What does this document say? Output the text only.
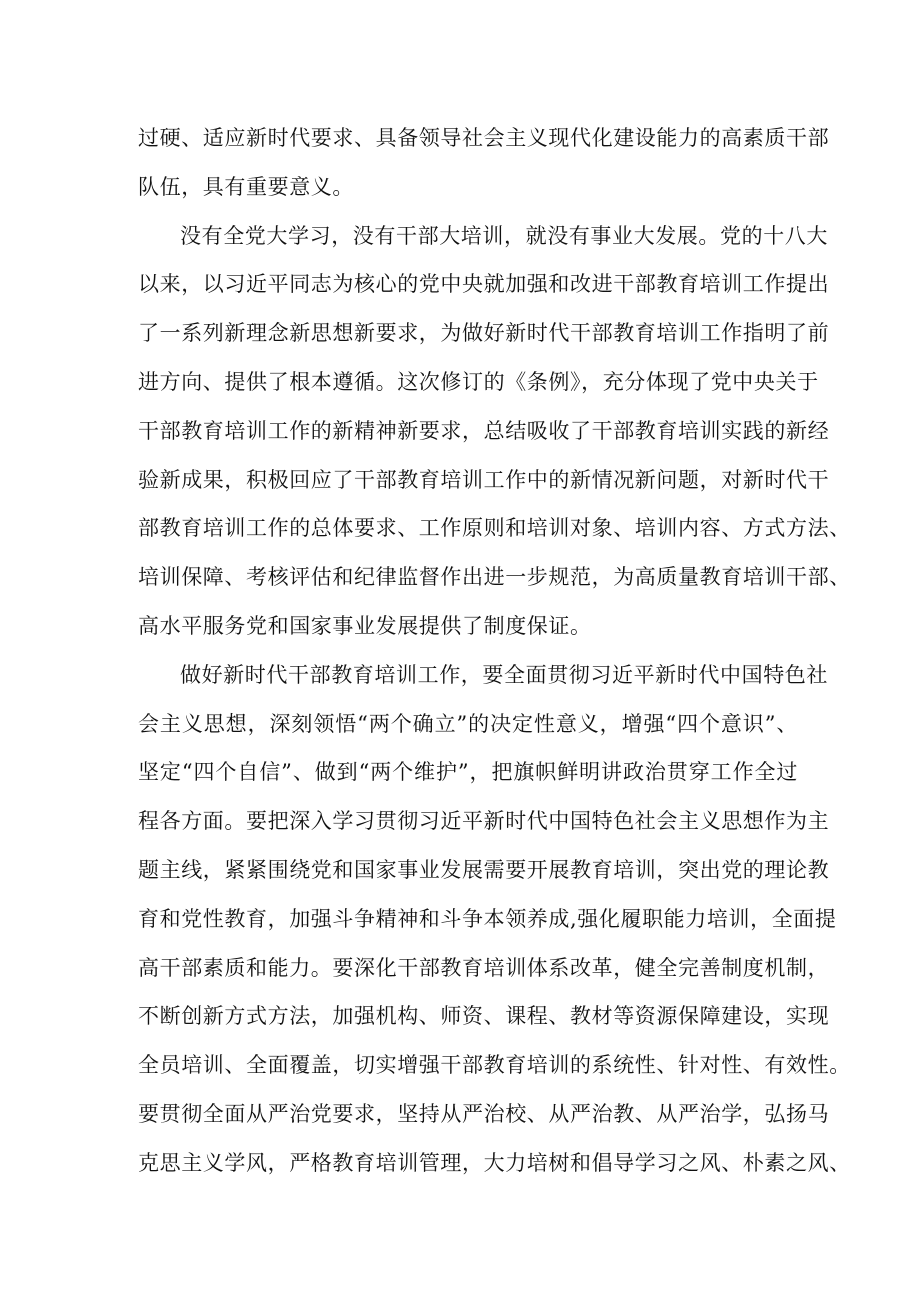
过硬、适应新时代要求、具备领导社会主义现代化建设能力的高素质干部
队伍，具有重要意义。
没有全党大学习，没有干部大培训，就没有事业大发展。党的十八大
以来，以习近平同志为核心的党中央就加强和改进干部教育培训工作提出
了一系列新理念新思想新要求，为做好新时代干部教育培训工作指明了前
进方向、提供了根本遵循。这次修订的《条例》，充分体现了党中央关于
干部教育培训工作的新精神新要求，总结吸收了干部教育培训实践的新经
验新成果，积极回应了干部教育培训工作中的新情况新问题，对新时代干
部教育培训工作的总体要求、工作原则和培训对象、培训内容、方式方法、
培训保障、考核评估和纪律监督作出进一步规范，为高质量教育培训干部、
高水平服务党和国家事业发展提供了制度保证。
做好新时代干部教育培训工作，要全面贯彻习近平新时代中国特色社
会主义思想，深刻领悟“两个确立”的决定性意义，增强“四个意识”、
坚定“四个自信”、做到“两个维护”，把旗帜鲜明讲政治贯穿工作全过
程各方面。要把深入学习贯彻习近平新时代中国特色社会主义思想作为主
题主线，紧紧围绕党和国家事业发展需要开展教育培训，突出党的理论教
育和党性教育，加强斗争精神和斗争本领养成,强化履职能力培训，全面提
高干部素质和能力。要深化干部教育培训体系改革，健全完善制度机制，
不断创新方式方法，加强机构、师资、课程、教材等资源保障建设，实现
全员培训、全面覆盖，切实增强干部教育培训的系统性、针对性、有效性。
要贯彻全面从严治党要求，坚持从严治校、从严治教、从严治学，弘扬马
克思主义学风，严格教育培训管理，大力培树和倡导学习之风、朴素之风、
